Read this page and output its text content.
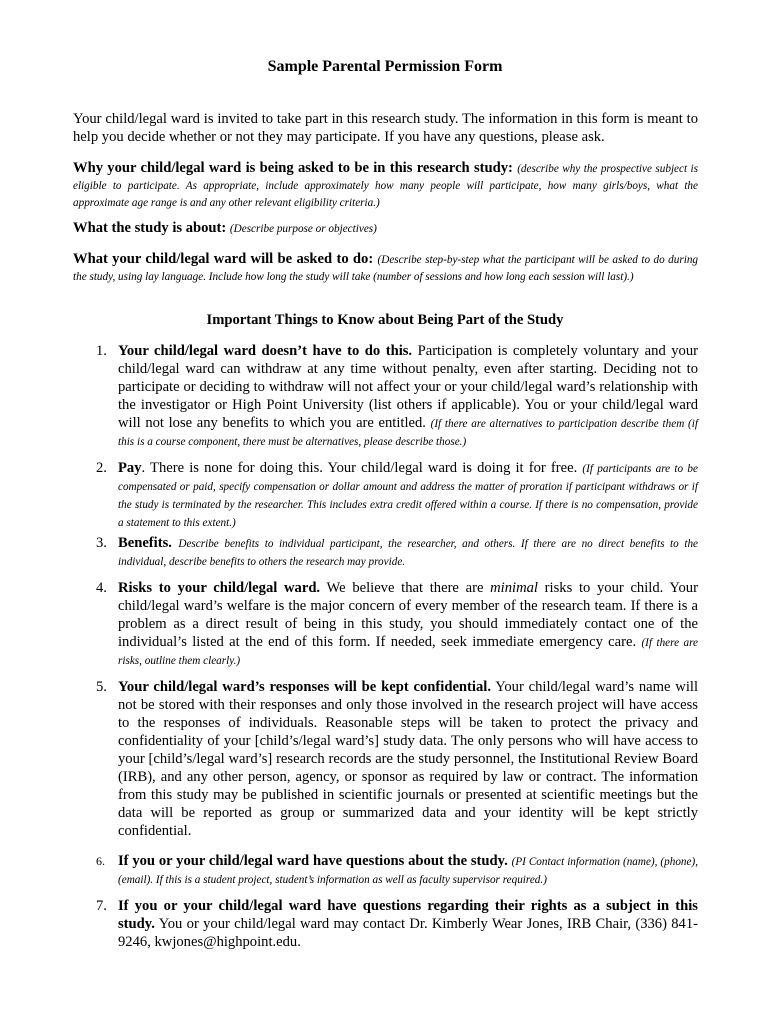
Sample Parental Permission Form
Your child/legal ward is invited to take part in this research study. The information in this form is meant to help you decide whether or not they may participate. If you have any questions, please ask.
Why your child/legal ward is being asked to be in this research study: (describe why the prospective subject is eligible to participate. As appropriate, include approximately how many people will participate, how many girls/boys, what the approximate age range is and any other relevant eligibility criteria.)
What the study is about: (Describe purpose or objectives)
What your child/legal ward will be asked to do: (Describe step-by-step what the participant will be asked to do during the study, using lay language. Include how long the study will take (number of sessions and how long each session will last).)
Important Things to Know about Being Part of the Study
1. Your child/legal ward doesn’t have to do this. Participation is completely voluntary and your child/legal ward can withdraw at any time without penalty, even after starting. Deciding not to participate or deciding to withdraw will not affect your or your child/legal ward’s relationship with the investigator or High Point University (list others if applicable). You or your child/legal ward will not lose any benefits to which you are entitled. (If there are alternatives to participation describe them (if this is a course component, there must be alternatives, please describe those.)
2. Pay. There is none for doing this. Your child/legal ward is doing it for free. (If participants are to be compensated or paid, specify compensation or dollar amount and address the matter of proration if participant withdraws or if the study is terminated by the researcher. This includes extra credit offered within a course. If there is no compensation, provide a statement to this extent.)
3. Benefits. Describe benefits to individual participant, the researcher, and others. If there are no direct benefits to the individual, describe benefits to others the research may provide.
4. Risks to your child/legal ward. We believe that there are minimal risks to your child. Your child/legal ward’s welfare is the major concern of every member of the research team. If there is a problem as a direct result of being in this study, you should immediately contact one of the individual’s listed at the end of this form. If needed, seek immediate emergency care. (If there are risks, outline them clearly.)
5. Your child/legal ward’s responses will be kept confidential. Your child/legal ward’s name will not be stored with their responses and only those involved in the research project will have access to the responses of individuals. Reasonable steps will be taken to protect the privacy and confidentiality of your [child’s/legal ward’s] study data. The only persons who will have access to your [child’s/legal ward’s] research records are the study personnel, the Institutional Review Board (IRB), and any other person, agency, or sponsor as required by law or contract. The information from this study may be published in scientific journals or presented at scientific meetings but the data will be reported as group or summarized data and your identity will be kept strictly confidential.
6. If you or your child/legal ward have questions about the study. (PI Contact information (name), (phone), (email). If this is a student project, student’s information as well as faculty supervisor required.)
7. If you or your child/legal ward have questions regarding their rights as a subject in this study. You or your child/legal ward may contact Dr. Kimberly Wear Jones, IRB Chair, (336) 841-9246, kwjones@highpoint.edu.
